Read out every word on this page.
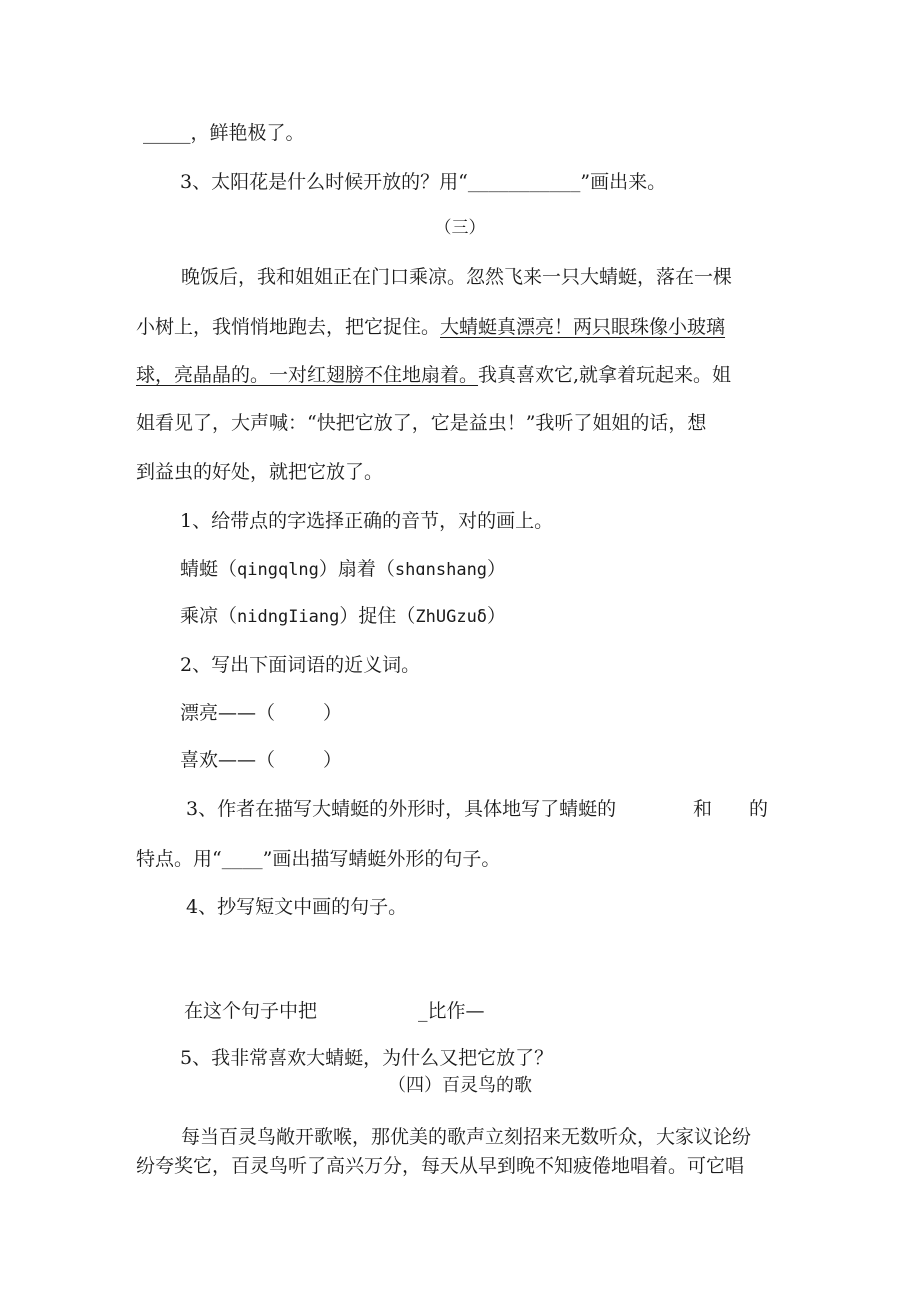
_____，鲜艳极了。
3、太阳花是什么时候开放的？用“___________”画出来。
（三）
晚饭后，我和姐姐正在门口乘凉。忽然飞来一只大蜻蜓，落在一棵
小树上，我悄悄地跑去，把它捉住。大蜻蜓真漂亮！两只眼珠像小玻璃
球，亮晶晶的。一对红翅膀不住地扇着。我真喜欢它,就拿着玩起来。姐
姐看见了，大声喊：“快把它放了，它是益虫！”我听了姐姐的话，想
到益虫的好处，就把它放了。
1、给带点的字选择正确的音节，对的画上。
蜻蜓（qingqlng）扇着（shɑnshang）
乘凉（nidngIiang）捉住（ZhUGzuδ）
2、写出下面词语的近义词。
漂亮——（	）
喜欢——（	）
3、作者在描写大蜻蜓的外形时，具体地写了蜻蜓的	和 的
特点。用“____”画出描写蜻蜓外形的句子。
4、抄写短文中画的句子。
在这个句子中把	_比作—
5、我非常喜欢大蜻蜓，为什么又把它放了？
（四）百灵鸟的歌
每当百灵鸟敞开歌喉，那优美的歌声立刻招来无数听众，大家议论纷
纷夸奖它，百灵鸟听了高兴万分，每天从早到晚不知疲倦地唱着。可它唱
